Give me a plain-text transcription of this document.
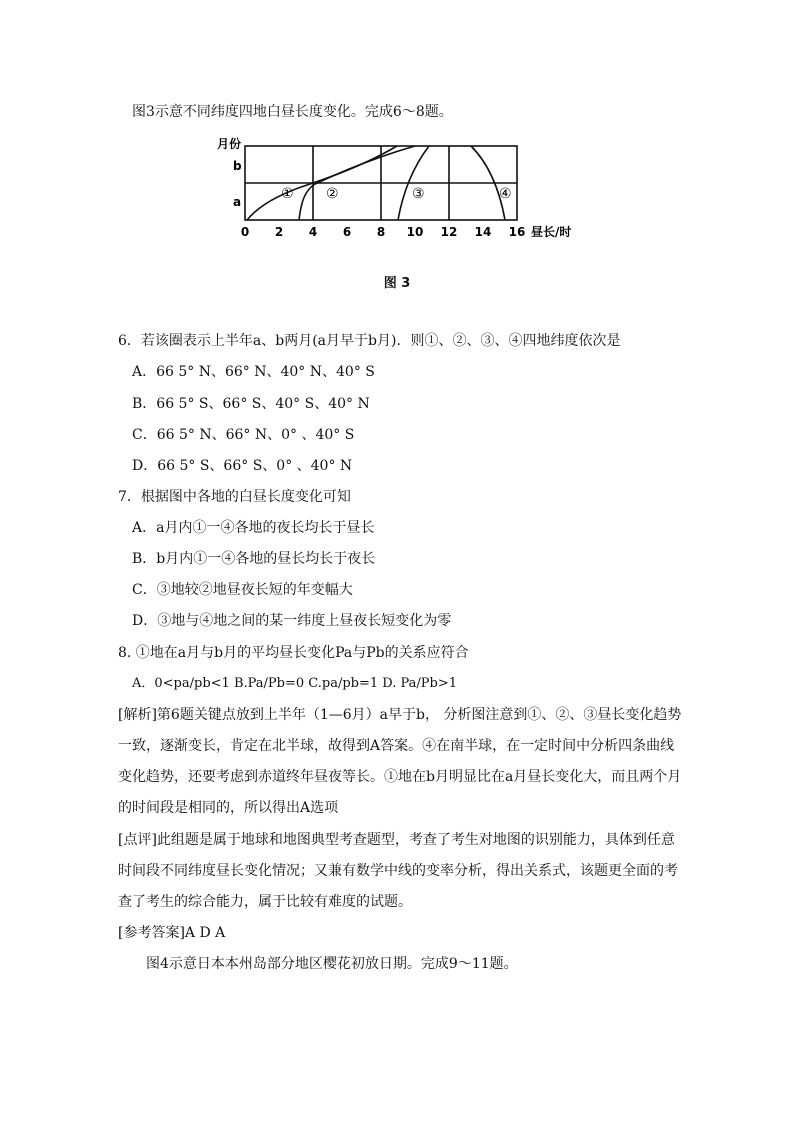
图3示意不同纬度四地白昼长度变化。完成6～8题。
月份
b
a	① ②	③	④
0 2 4 6 8 10 12 14 16 昼长/时
图 3
6．若该圈表示上半年a、b两月(a月早于b月)．则①、②、③、④四地纬度依次是
A．66 5° N、66° N、40° N、40° S
B．66 5° S、66° S、40° S、40° N
C．66 5° N、66° N、0° 、40° S
D．66 5° S、66° S、0° 、40° N
7．根据图中各地的白昼长度变化可知
A．a月内①一④各地的夜长均长于昼长
B．b月内①一④各地的昼长均长于夜长
C．③地较②地昼夜长短的年变幅大
D．③地与④地之间的某一纬度上昼夜长短变化为零
8. ①地在a月与b月的平均昼长变化Pa与Pb的关系应符合
A．0<pa/pb<1 B.Pa/Pb=0 C.pa/pb=1 D. Pa/Pb>1
[解析]第6题关键点放到上半年（1—6月）a早于b， 分析图注意到①、②、③昼长变化趋势
一致，逐渐变长，肯定在北半球，故得到A答案。④在南半球，在一定时间中分析四条曲线
变化趋势，还要考虑到赤道终年昼夜等长。①地在b月明显比在a月昼长变化大，而且两个月
的时间段是相同的，所以得出A选项
[点评]此组题是属于地球和地图典型考查题型，考查了考生对地图的识别能力，具体到任意
时间段不同纬度昼长变化情况；又兼有数学中线的变率分析，得出关系式，该题更全面的考
查了考生的综合能力，属于比较有难度的试题。
[参考答案]A D A
图4示意日本本州岛部分地区樱花初放日期。完成9～11题。
